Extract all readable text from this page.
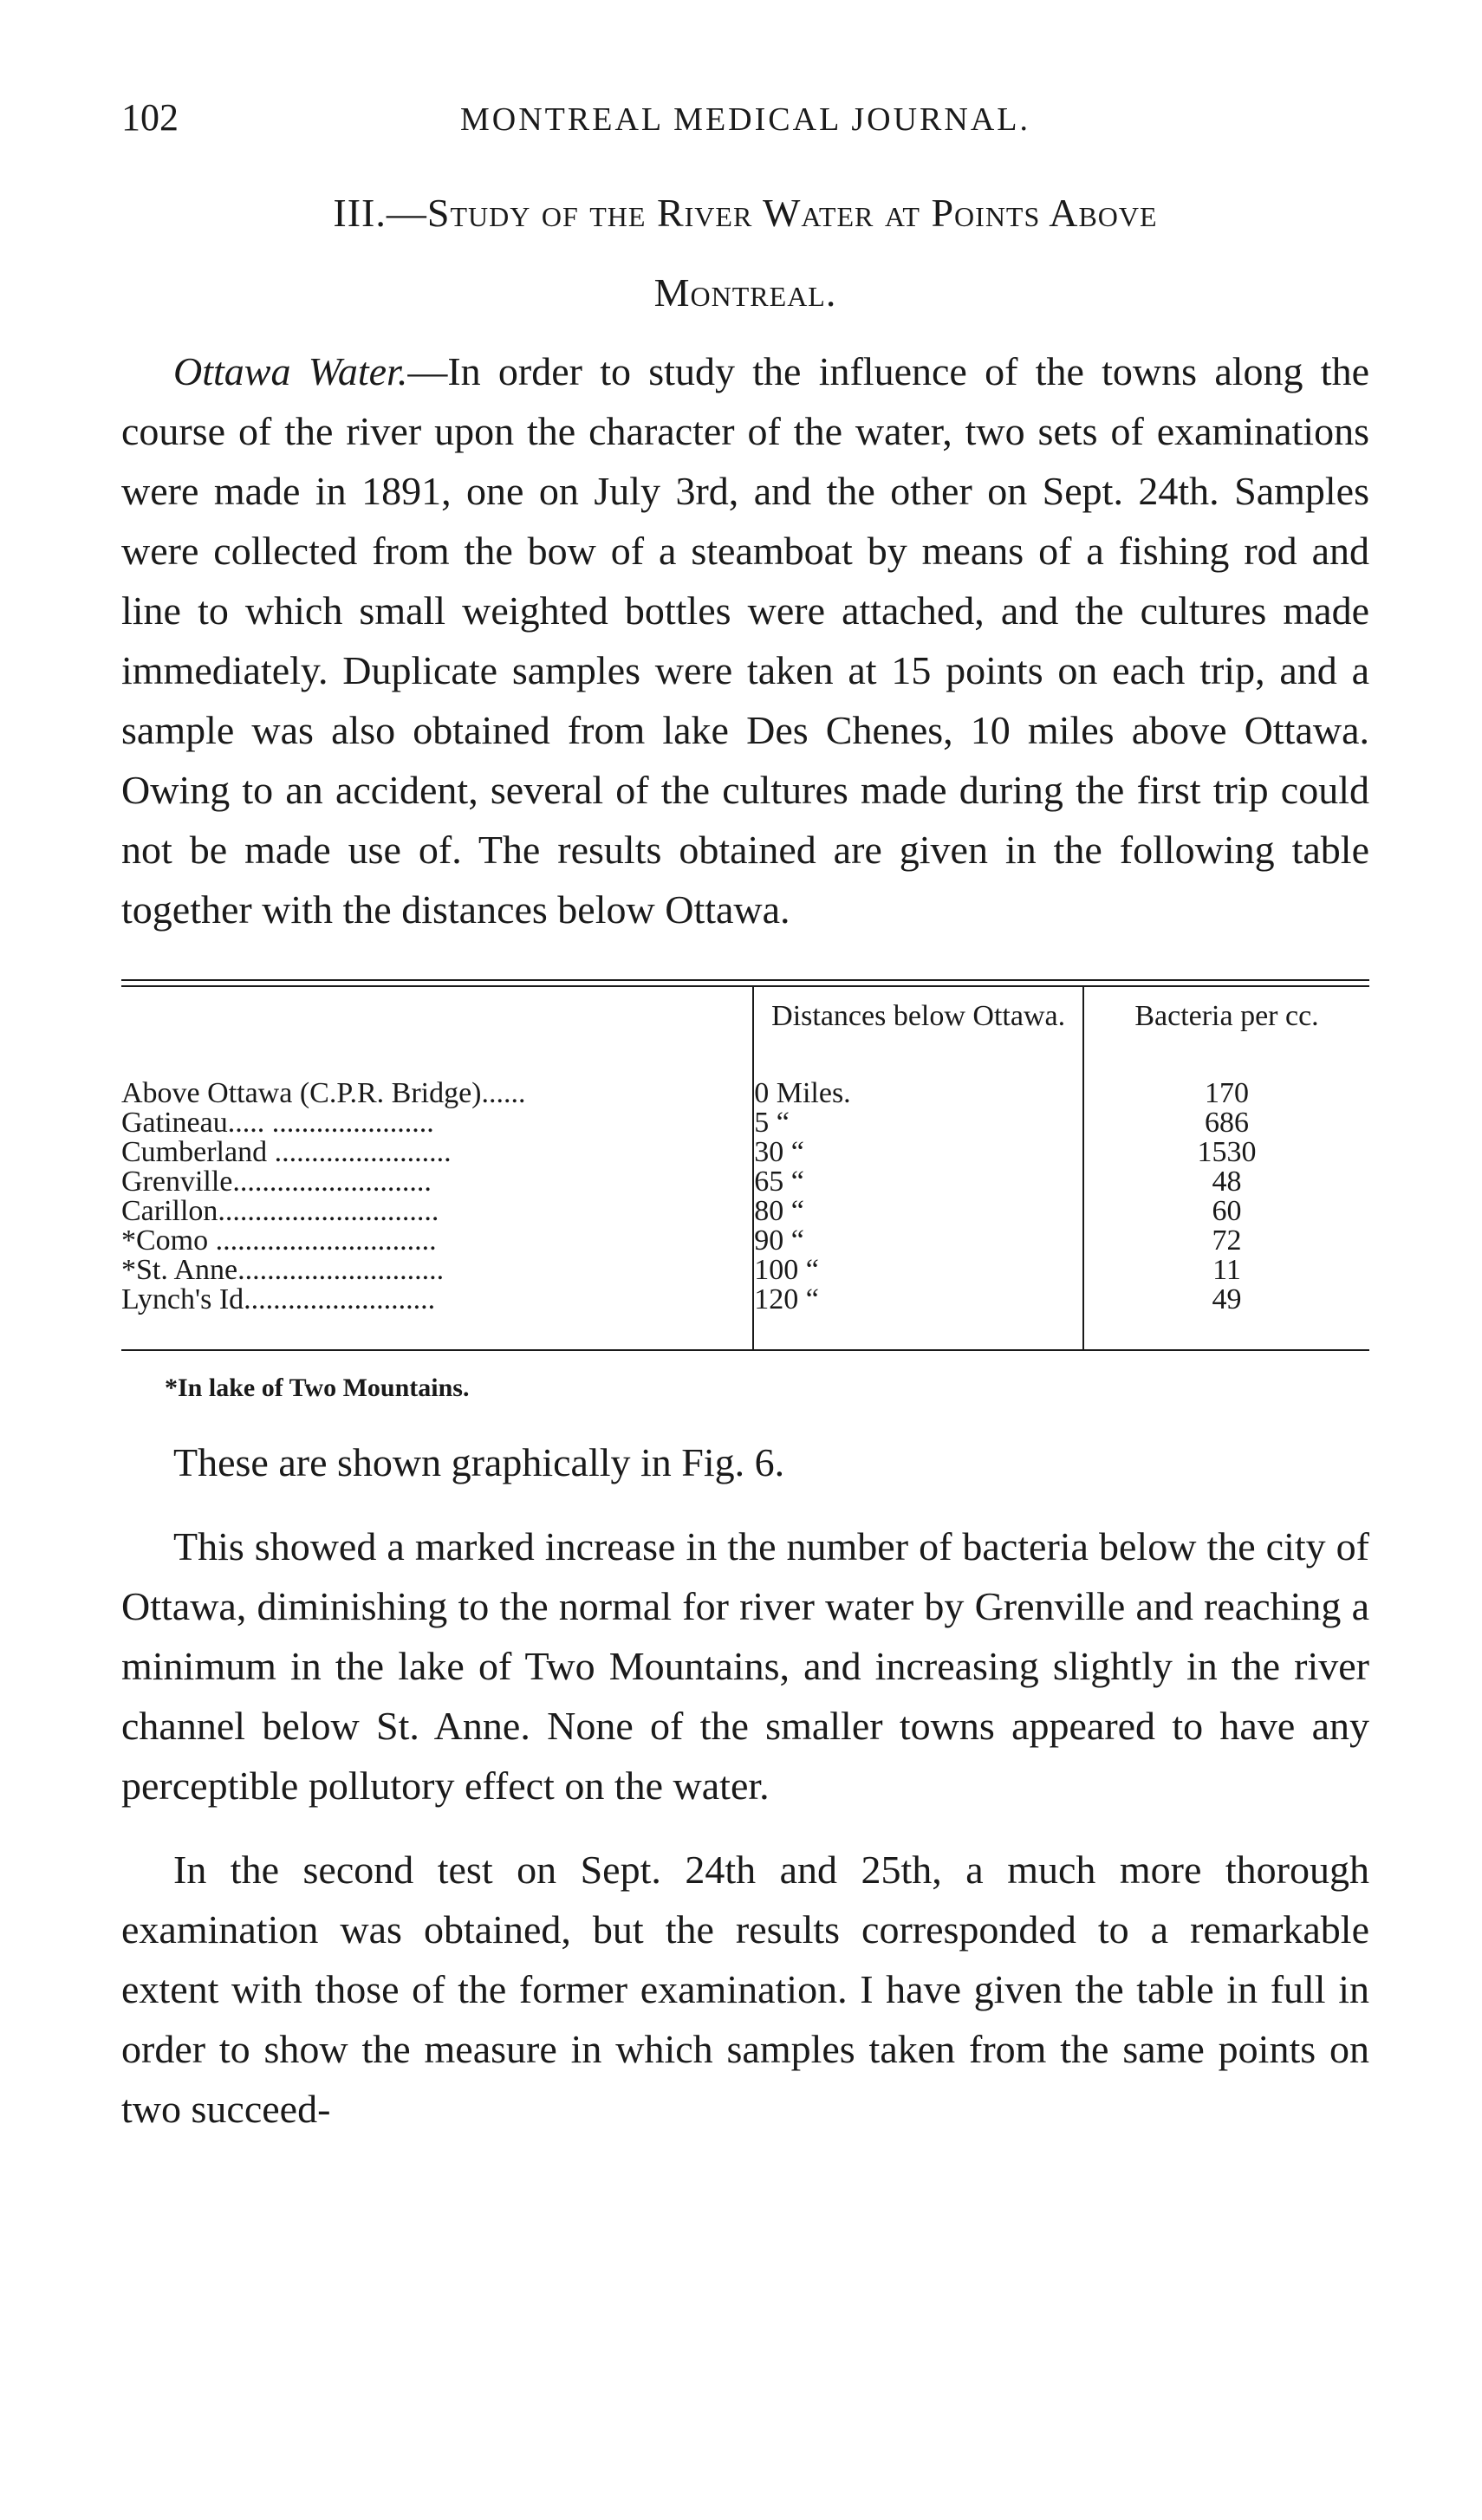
102	MONTREAL MEDICAL JOURNAL.
III.—Study of the River Water at Points Above
Montreal.

Ottawa Water.—In order to study the influence of the towns along the course of the river upon the character of the water, two sets of examinations were made in 1891, one on July 3rd, and the other on Sept. 24th. Samples were collected from the bow of a steamboat by means of a fishing rod and line to which small weighted bottles were attached, and the cultures made immediately. Duplicate samples were taken at 15 points on each trip, and a sample was also obtained from lake Des Chenes, 10 miles above Ottawa. Owing to an accident, several of the cultures made during the first trip could not be made use of. The results obtained are given in the following table together with the distances below Ottawa.

	Distances below Ottawa.	Bacteria per cc.
Above Ottawa (C.P.R. Bridge)......	0 Miles.	170
Gatineau..... ......................	5 “	686
Cumberland ........................	30 “	1530
Grenville...........................	65 “	48
Carillon..............................	80 “	60
*Como ..............................	90 “	72
*St. Anne............................	100 “	11
Lynch's Id..........................	120 “	49
*In lake of Two Mountains.

These are shown graphically in Fig. 6.

This showed a marked increase in the number of bacteria below the city of Ottawa, diminishing to the normal for river water by Grenville and reaching a minimum in the lake of Two Mountains, and increasing slightly in the river channel below St. Anne. None of the smaller towns appeared to have any perceptible pollutory effect on the water.

In the second test on Sept. 24th and 25th, a much more thorough examination was obtained, but the results corresponded to a remarkable extent with those of the former examination. I have given the table in full in order to show the measure in which samples taken from the same points on two succeed-
